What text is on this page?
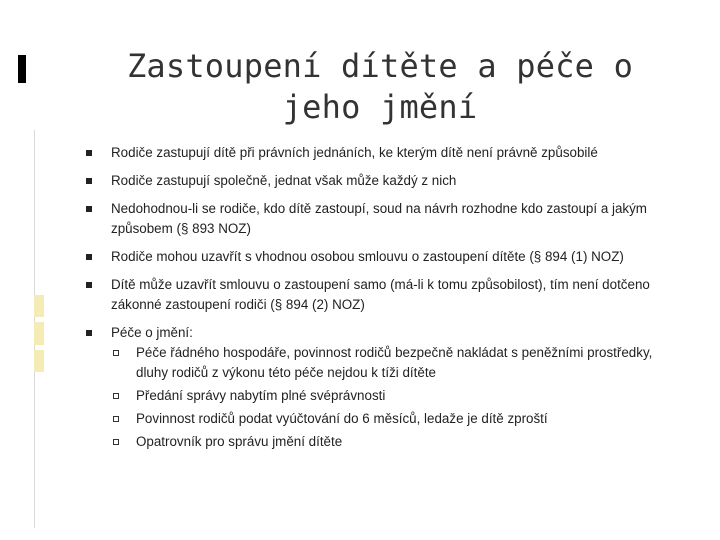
Zastoupení dítěte a péče o jeho jmění
Rodiče zastupují dítě při právních jednáních, ke kterým dítě není právně způsobilé
Rodiče zastupují společně, jednat však může každý z nich
Nedohodnou-li se rodiče, kdo dítě zastoupí, soud na návrh rozhodne kdo zastoupí a jakým způsobem (§ 893 NOZ)
Rodiče mohou uzavřít s vhodnou osobou smlouvu o zastoupení dítěte (§ 894 (1) NOZ)
Dítě může uzavřít smlouvu o zastoupení samo (má-li k tomu způsobilost), tím není dotčeno zákonné zastoupení rodiči (§ 894 (2) NOZ)
Péče o jmění:
Péče řádného hospodáře, povinnost rodičů bezpečně nakládat s peněžními prostředky, dluhy rodičů z výkonu této péče nejdou k tíži dítěte
Předání správy nabytím plné svéprávnosti
Povinnost rodičů podat vyúčtování do 6 měsíců, ledaže je dítě zproští
Opatrovník pro správu jmění dítěte
